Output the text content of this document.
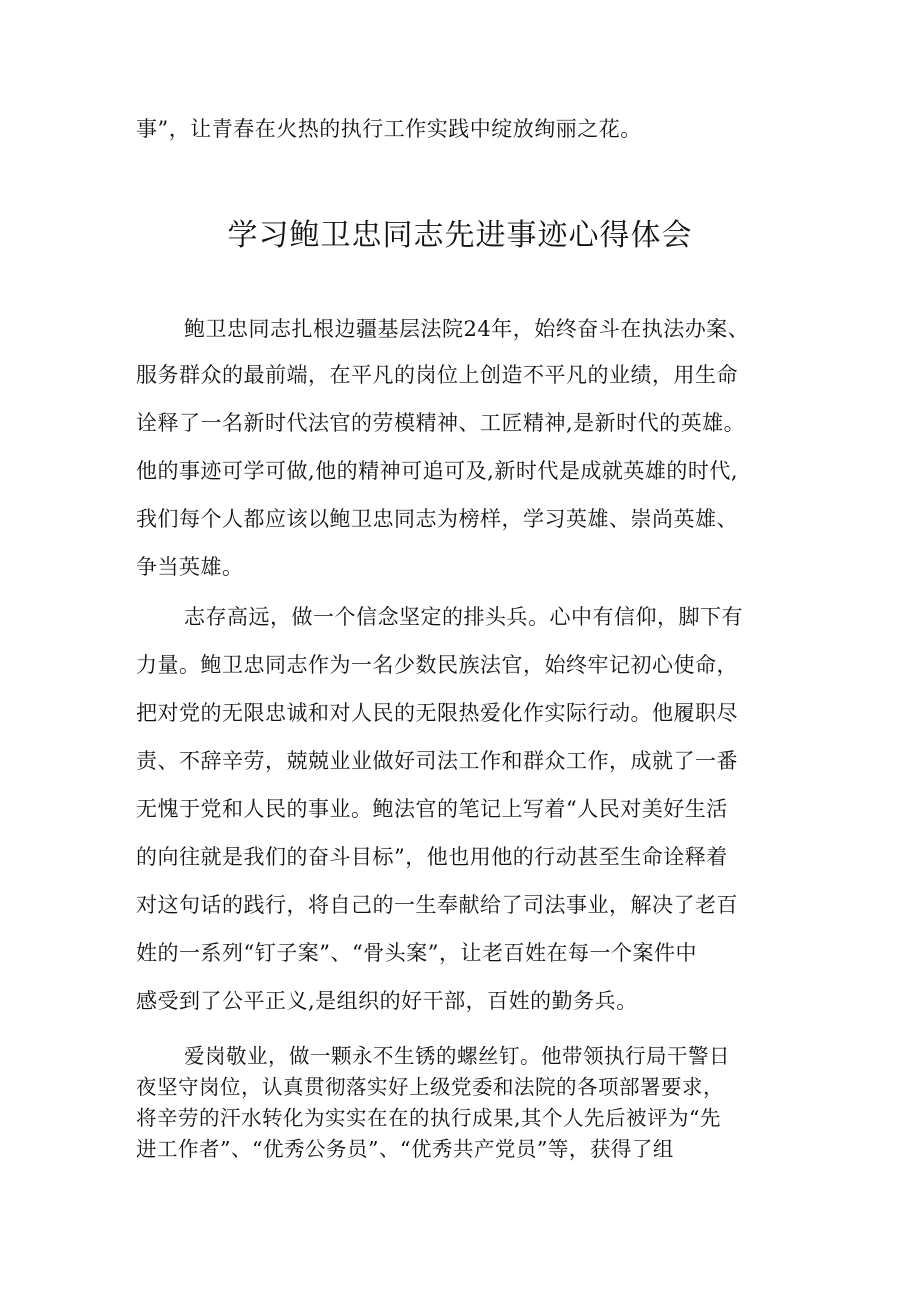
事”，让青春在火热的执行工作实践中绽放绚丽之花。
学习鲍卫忠同志先进事迹心得体会
鲍卫忠同志扎根边疆基层法院24年，始终奋斗在执法办案、
服务群众的最前端，在平凡的岗位上创造不平凡的业绩，用生命
诠释了一名新时代法官的劳模精神、工匠精神,是新时代的英雄。
他的事迹可学可做,他的精神可追可及,新时代是成就英雄的时代,
我们每个人都应该以鲍卫忠同志为榜样，学习英雄、崇尚英雄、
争当英雄。
志存高远，做一个信念坚定的排头兵。心中有信仰，脚下有
力量。鲍卫忠同志作为一名少数民族法官，始终牢记初心使命，
把对党的无限忠诚和对人民的无限热爱化作实际行动。他履职尽
责、不辞辛劳，兢兢业业做好司法工作和群众工作，成就了一番
无愧于党和人民的事业。鲍法官的笔记上写着“人民对美好生活
的向往就是我们的奋斗目标”，他也用他的行动甚至生命诠释着
对这句话的践行，将自己的一生奉献给了司法事业，解决了老百
姓的一系列“钉子案”、“骨头案”，让老百姓在每一个案件中
感受到了公平正义,是组织的好干部，百姓的勤务兵。
爱岗敬业，做一颗永不生锈的螺丝钉。他带领执行局干警日
夜坚守岗位，认真贯彻落实好上级党委和法院的各项部署要求，
将辛劳的汗水转化为实实在在的执行成果,其个人先后被评为“先
进工作者”、“优秀公务员”、“优秀共产党员”等，获得了组
